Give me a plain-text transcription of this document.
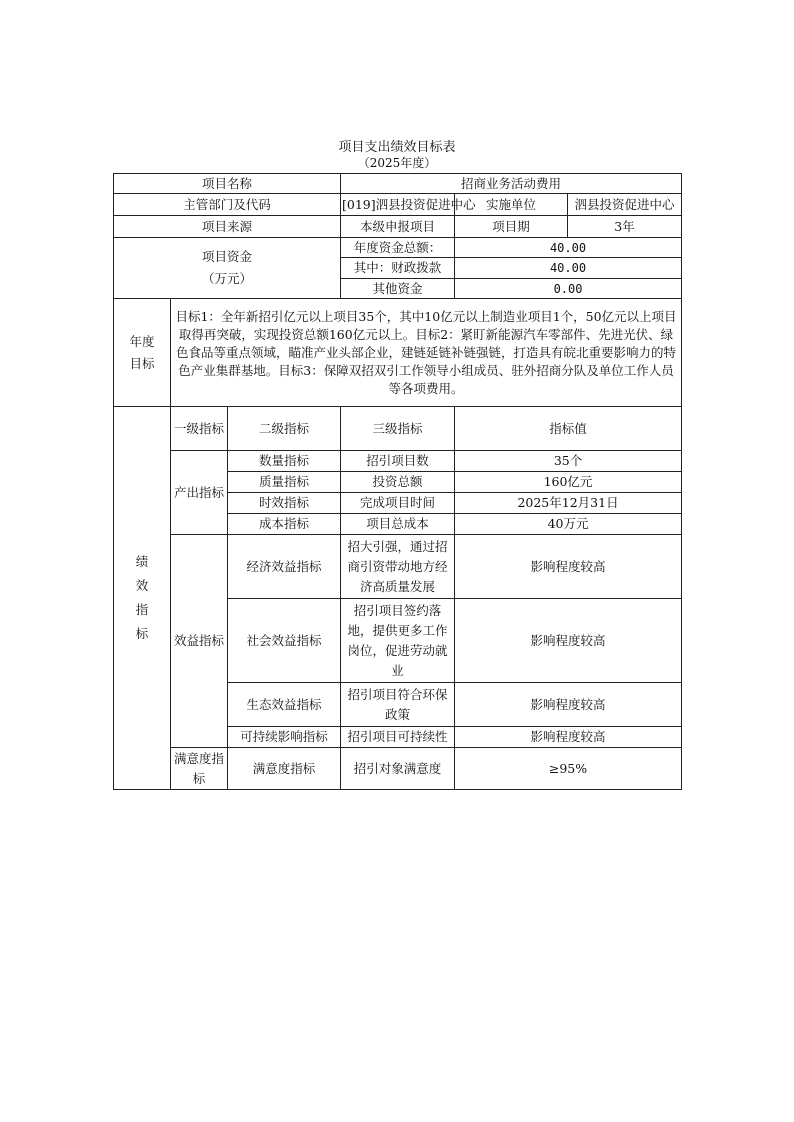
项目支出绩效目标表
（2025年度）
项目名称			招商业务活动费用		
主管部门及代码			[019]泗县投资促进中心	实施单位	泗县投资促进中心
项目来源			本级申报项目	项目期	3年

项目资金
（万元）			年度资金总额：	40.00	
			其中：财政拨款	40.00	
			其他资金	0.00	

年度
目标	目标1：全年新招引亿元以上项目35个，其中10亿元以上制造业项目1个，50亿元以上项目取得再突破，实现投资总额160亿元以上。目标2：紧盯新能源汽车零部件、先进光伏、绿色食品等重点领域，瞄准产业头部企业，建链延链补链强链，打造具有皖北重要影响力的特色产业集群基地。目标3：保障双招双引工作领导小组成员、驻外招商分队及单位工作人员等各项费用。				
绩
效
指
标	一级指标	二级指标	三级指标	指标值	
	产出指标	数量指标	招引项目数	35个	
		质量指标	投资总额	160亿元	
		时效指标	完成项目时间	2025年12月31日	
		成本指标	项目总成本	40万元	
	效益指标	经济效益指标	招大引强，通过招商引资带动地方经济高质量发展	影响程度较高	
		社会效益指标	招引项目签约落地，提供更多工作岗位，促进劳动就业	影响程度较高	
		生态效益指标	招引项目符合环保政策	影响程度较高	
		可持续影响指标	招引项目可持续性	影响程度较高	
	满意度指标	满意度指标	招引对象满意度	≥95%	
